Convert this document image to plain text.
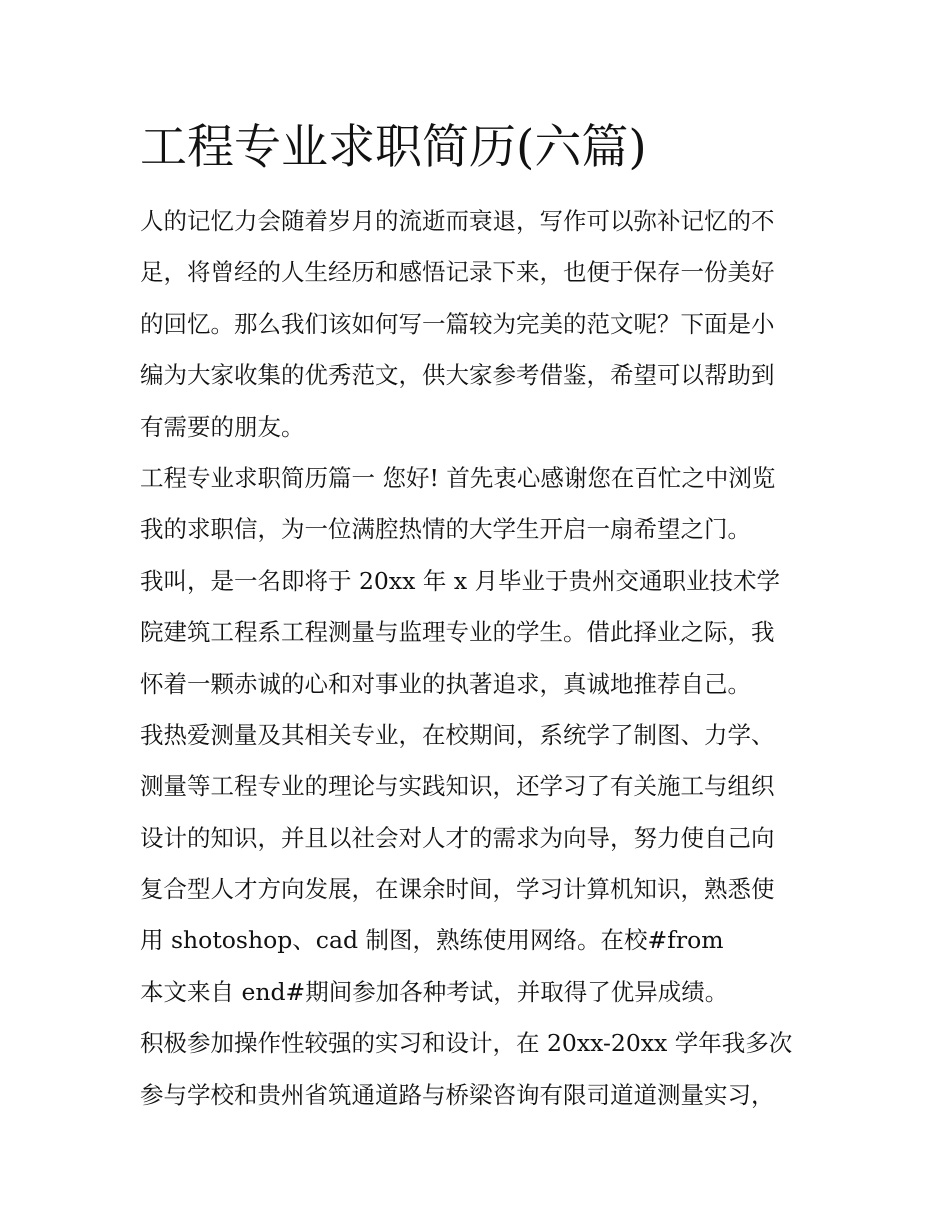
工程专业求职简历(六篇)
人的记忆力会随着岁月的流逝而衰退，写作可以弥补记忆的不
足，将曾经的人生经历和感悟记录下来，也便于保存一份美好
的回忆。那么我们该如何写一篇较为完美的范文呢？下面是小
编为大家收集的优秀范文，供大家参考借鉴，希望可以帮助到
有需要的朋友。
工程专业求职简历篇一 您好! 首先衷心感谢您在百忙之中浏览
我的求职信，为一位满腔热情的大学生开启一扇希望之门。
我叫，是一名即将于 20xx 年 x 月毕业于贵州交通职业技术学
院建筑工程系工程测量与监理专业的学生。借此择业之际，我
怀着一颗赤诚的心和对事业的执著追求，真诚地推荐自己。
我热爱测量及其相关专业，在校期间，系统学了制图、力学、
测量等工程专业的理论与实践知识，还学习了有关施工与组织
设计的知识，并且以社会对人才的需求为向导，努力使自己向
复合型人才方向发展，在课余时间，学习计算机知识，熟悉使
用 shotoshop、cad 制图，熟练使用网络。在校#from
本文来自 end#期间参加各种考试，并取得了优异成绩。
积极参加操作性较强的实习和设计，在 20xx-20xx 学年我多次
参与学校和贵州省筑通道路与桥梁咨询有限司道道测量实习，
